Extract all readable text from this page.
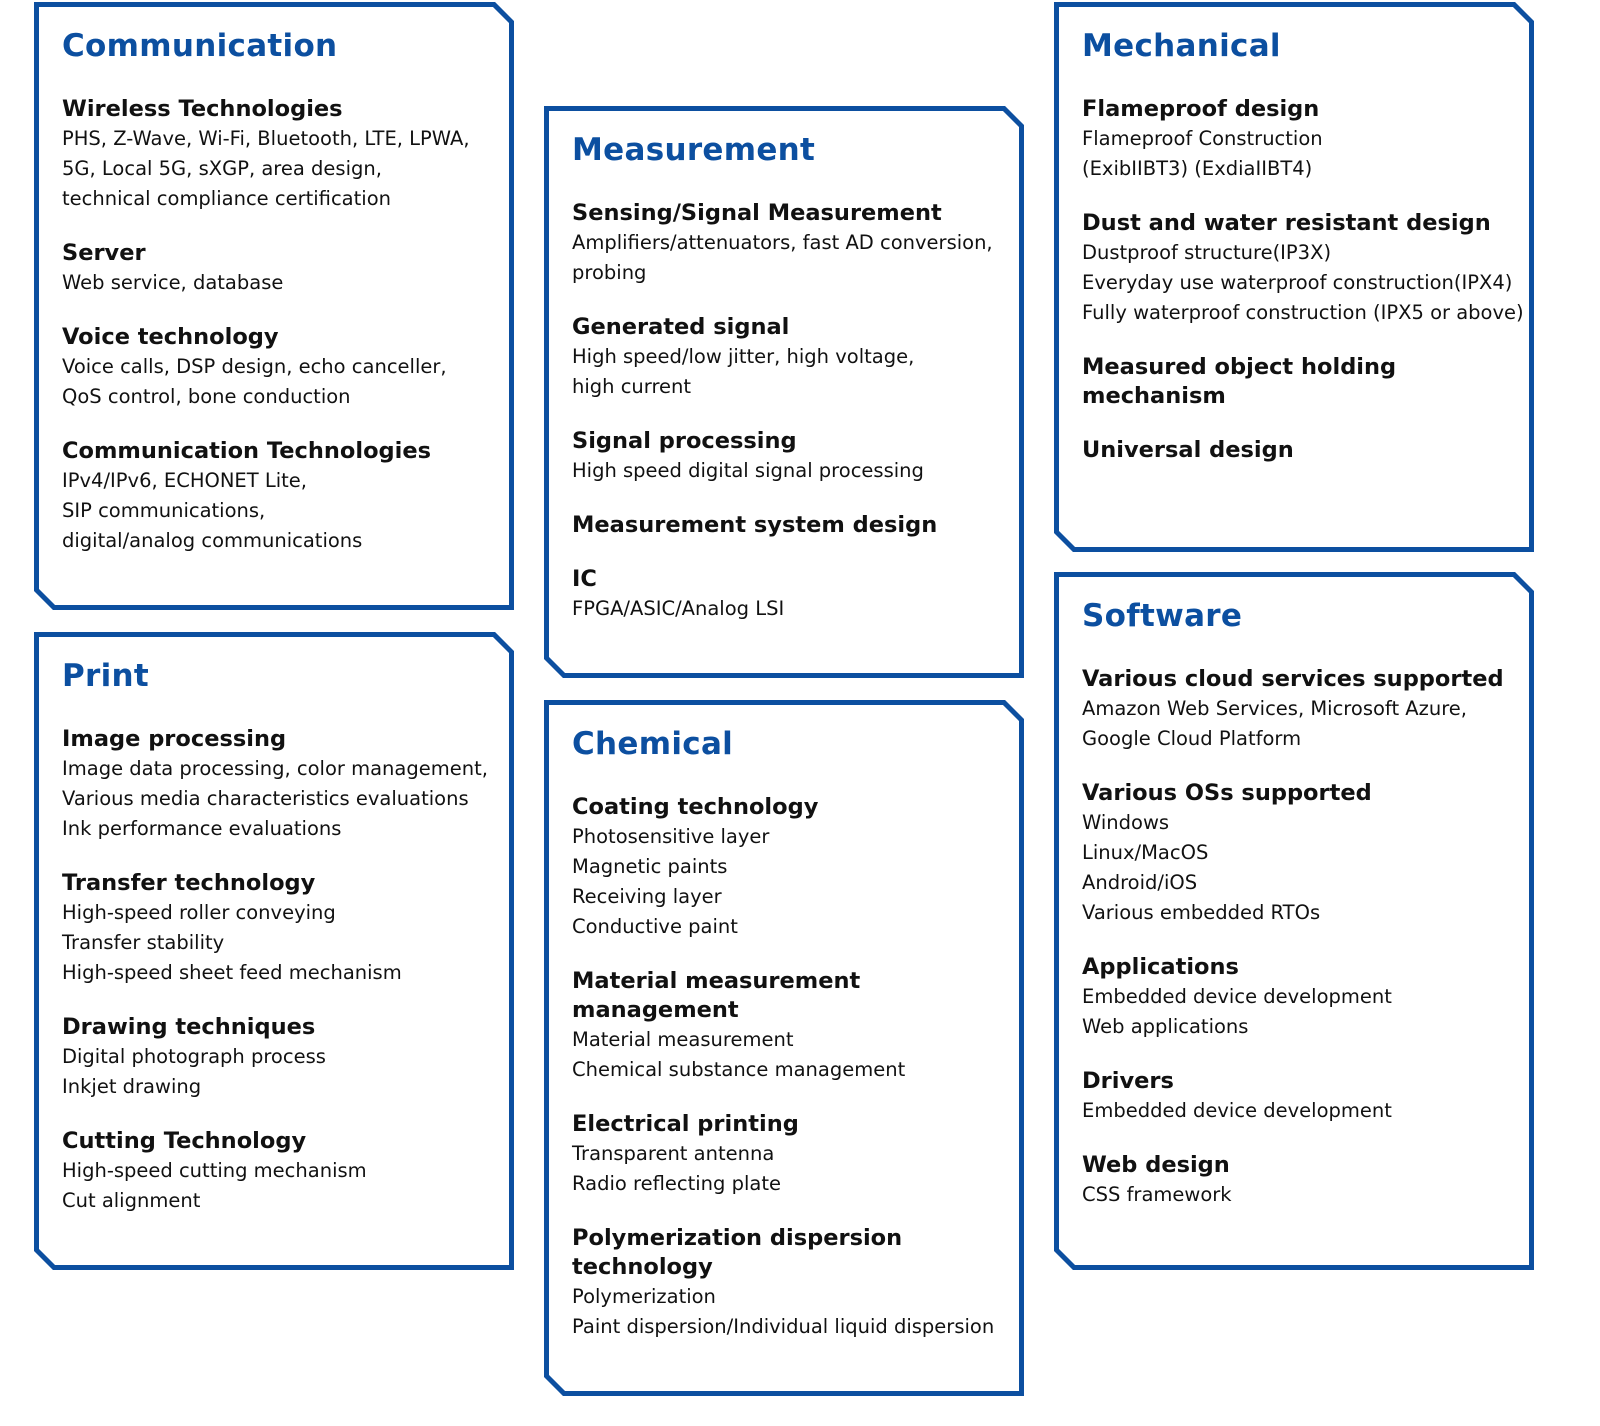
Communication
Wireless Technologies
PHS, Z-Wave, Wi-Fi, Bluetooth, LTE, LPWA,
5G, Local 5G, sXGP, area design,
technical compliance certification
Server
Web service, database
Voice technology
Voice calls, DSP design, echo canceller,
QoS control, bone conduction
Communication Technologies
IPv4/IPv6, ECHONET Lite,
SIP communications,
digital/analog communications
Print
Image processing
Image data processing, color management,
Various media characteristics evaluations
Ink performance evaluations
Transfer technology
High-speed roller conveying
Transfer stability
High-speed sheet feed mechanism
Drawing techniques
Digital photograph process
Inkjet drawing
Cutting Technology
High-speed cutting mechanism
Cut alignment
Measurement
Sensing/Signal Measurement
Amplifiers/attenuators, fast AD conversion,
probing
Generated signal
High speed/low jitter, high voltage,
high current
Signal processing
High speed digital signal processing
Measurement system design
IC
FPGA/ASIC/Analog LSI
Chemical
Coating technology
Photosensitive layer
Magnetic paints
Receiving layer
Conductive paint
Material measurement
management
Material measurement
Chemical substance management
Electrical printing
Transparent antenna
Radio reflecting plate
Polymerization dispersion
technology
Polymerization
Paint dispersion/Individual liquid dispersion
Mechanical
Flameproof design
Flameproof Construction
(ExibIIBT3) (ExdiaIIBT4)
Dust and water resistant design
Dustproof structure(IP3X)
Everyday use waterproof construction(IPX4)
Fully waterproof construction (IPX5 or above)
Measured object holding
mechanism
Universal design
Software
Various cloud services supported
Amazon Web Services, Microsoft Azure,
Google Cloud Platform
Various OSs supported
Windows
Linux/MacOS
Android/iOS
Various embedded RTOs
Applications
Embedded device development
Web applications
Drivers
Embedded device development
Web design
CSS framework
